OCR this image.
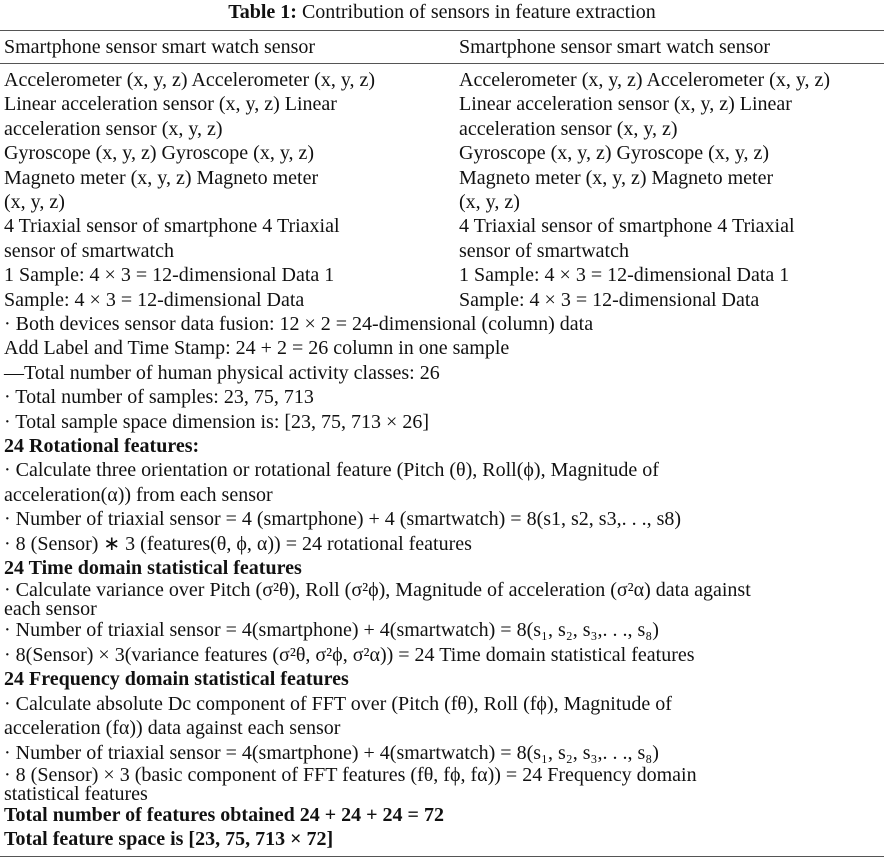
Table 1: Contribution of sensors in feature extraction
Smartphone sensor smart watch sensor	Smartphone sensor smart watch sensor
Accelerometer (x, y, z) Accelerometer (x, y, z)
Linear acceleration sensor (x, y, z) Linear
acceleration sensor (x, y, z)
Gyroscope (x, y, z) Gyroscope (x, y, z)
Magneto meter (x, y, z) Magneto meter
(x, y, z)
4 Triaxial sensor of smartphone 4 Triaxial
sensor of smartwatch
1 Sample: 4 × 3 = 12-dimensional Data 1
Sample: 4 × 3 = 12-dimensional Data
Accelerometer (x, y, z) Accelerometer (x, y, z)
Linear acceleration sensor (x, y, z) Linear
acceleration sensor (x, y, z)
Gyroscope (x, y, z) Gyroscope (x, y, z)
Magneto meter (x, y, z) Magneto meter
(x, y, z)
4 Triaxial sensor of smartphone 4 Triaxial
sensor of smartwatch
1 Sample: 4 × 3 = 12-dimensional Data 1
Sample: 4 × 3 = 12-dimensional Data
· Both devices sensor data fusion: 12 × 2 = 24-dimensional (column) data
Add Label and Time Stamp: 24 + 2 = 26 column in one sample
—Total number of human physical activity classes: 26
· Total number of samples: 23, 75, 713
· Total sample space dimension is: [23, 75, 713 × 26]
24 Rotational features:
· Calculate three orientation or rotational feature (Pitch (θ), Roll(ϕ), Magnitude of
acceleration(α)) from each sensor
· Number of triaxial sensor = 4 (smartphone) + 4 (smartwatch) = 8(s1, s2, s3,. . ., s8)
· 8 (Sensor) ∗ 3 (features(θ, ϕ, α)) = 24 rotational features
24 Time domain statistical features
· Calculate variance over Pitch (σ²θ), Roll (σ²ϕ), Magnitude of acceleration (σ²α) data against
each sensor
· Number of triaxial sensor = 4(smartphone) + 4(smartwatch) = 8(s₁, s₂, s₃,. . ., s₈)
· 8(Sensor) × 3(variance features (σ²θ, σ²ϕ, σ²α)) = 24 Time domain statistical features
24 Frequency domain statistical features
· Calculate absolute Dc component of FFT over (Pitch (fθ), Roll (fϕ), Magnitude of
acceleration (fα)) data against each sensor
· Number of triaxial sensor = 4(smartphone) + 4(smartwatch) = 8(s₁, s₂, s₃,. . ., s₈)
· 8 (Sensor) × 3 (basic component of FFT features (fθ, fϕ, fα)) = 24 Frequency domain
statistical features
Total number of features obtained 24 + 24 + 24 = 72
Total feature space is [23, 75, 713 × 72]
